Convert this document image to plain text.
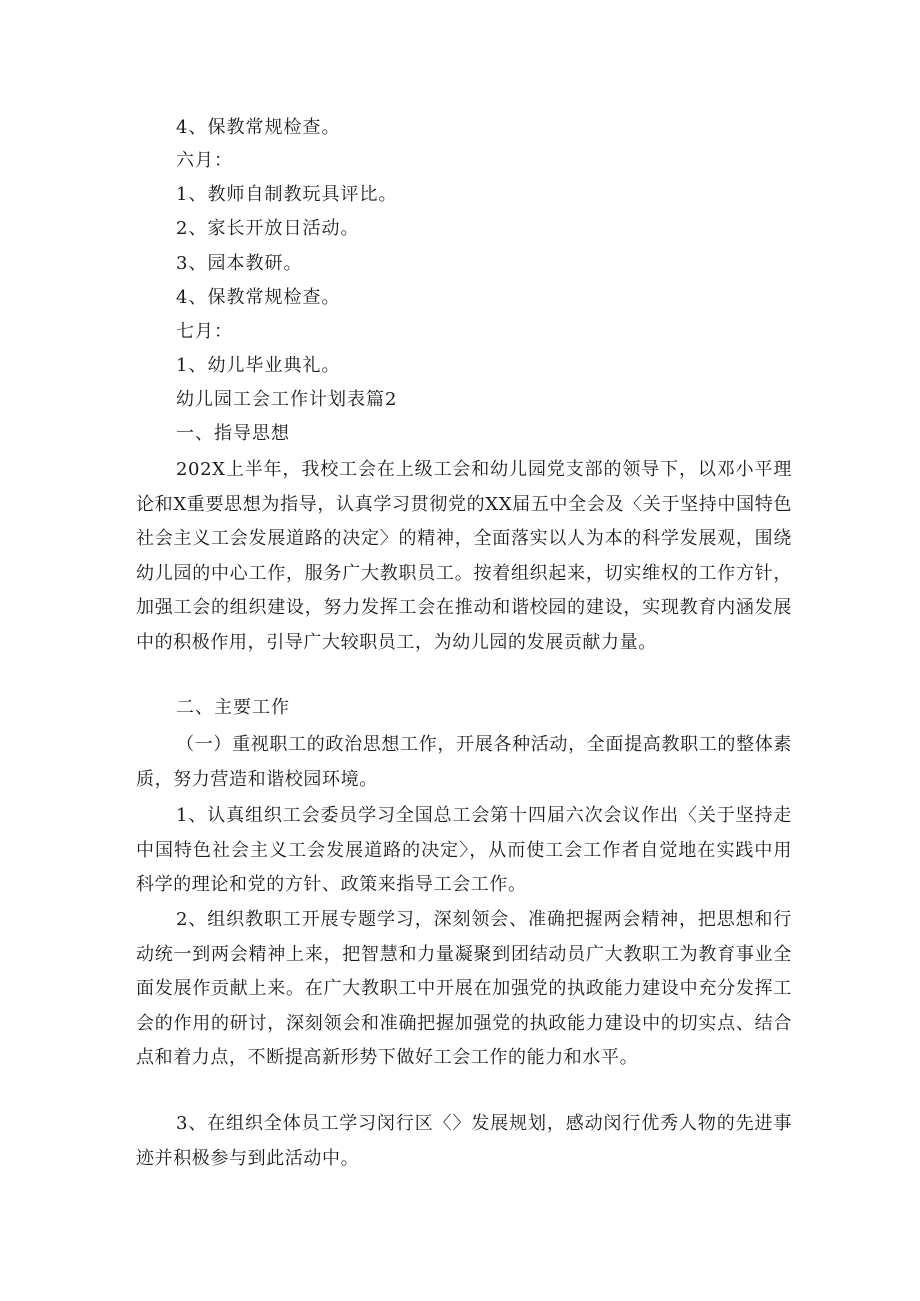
4、保教常规检查。
六月：
1、教师自制教玩具评比。
2、家长开放日活动。
3、园本教研。
4、保教常规检查。
七月：
1、幼儿毕业典礼。
幼儿园工会工作计划表篇2
一、指导思想
202X上半年，我校工会在上级工会和幼儿园党支部的领导下，以邓小平理论和X重要思想为指导，认真学习贯彻党的XX届五中全会及〈关于坚持中国特色社会主义工会发展道路的决定〉的精神，全面落实以人为本的科学发展观，围绕幼儿园的中心工作，服务广大教职员工。按着组织起来，切实维权的工作方针，加强工会的组织建设，努力发挥工会在推动和谐校园的建设，实现教育内涵发展中的积极作用，引导广大较职员工，为幼儿园的发展贡献力量。
二、主要工作
（一）重视职工的政治思想工作，开展各种活动，全面提高教职工的整体素质，努力营造和谐校园环境。
1、认真组织工会委员学习全国总工会第十四届六次会议作出〈关于坚持走中国特色社会主义工会发展道路的决定〉，从而使工会工作者自觉地在实践中用科学的理论和党的方针、政策来指导工会工作。
2、组织教职工开展专题学习，深刻领会、准确把握两会精神，把思想和行动统一到两会精神上来，把智慧和力量凝聚到团结动员广大教职工为教育事业全面发展作贡献上来。在广大教职工中开展在加强党的执政能力建设中充分发挥工会的作用的研讨，深刻领会和准确把握加强党的执政能力建设中的切实点、结合点和着力点，不断提高新形势下做好工会工作的能力和水平。
3、在组织全体员工学习闵行区〈〉发展规划，感动闵行优秀人物的先进事迹并积极参与到此活动中。
